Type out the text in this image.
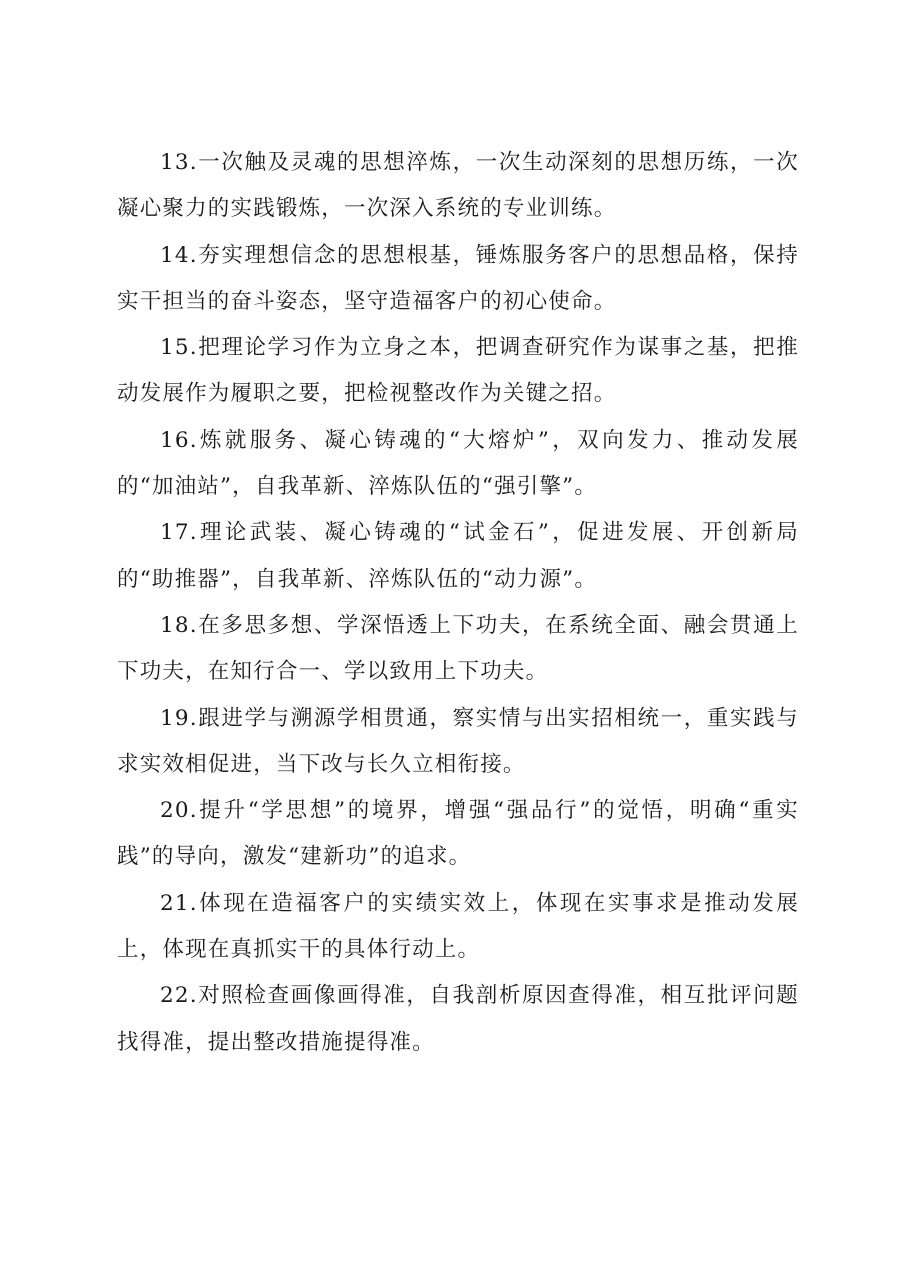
13.一次触及灵魂的思想淬炼，一次生动深刻的思想历练，一次凝心聚力的实践锻炼，一次深入系统的专业训练。

14.夯实理想信念的思想根基，锤炼服务客户的思想品格，保持实干担当的奋斗姿态，坚守造福客户的初心使命。

15.把理论学习作为立身之本，把调查研究作为谋事之基，把推动发展作为履职之要，把检视整改作为关键之招。

16.炼就服务、凝心铸魂的“大熔炉”，双向发力、推动发展的“加油站”，自我革新、淬炼队伍的“强引擎”。

17.理论武装、凝心铸魂的“试金石”，促进发展、开创新局的“助推器”，自我革新、淬炼队伍的“动力源”。

18.在多思多想、学深悟透上下功夫，在系统全面、融会贯通上下功夫，在知行合一、学以致用上下功夫。

19.跟进学与溯源学相贯通，察实情与出实招相统一，重实践与求实效相促进，当下改与长久立相衔接。

20.提升“学思想”的境界，增强“强品行”的觉悟，明确“重实践”的导向，激发“建新功”的追求。

21.体现在造福客户的实绩实效上，体现在实事求是推动发展上，体现在真抓实干的具体行动上。

22.对照检查画像画得准，自我剖析原因查得准，相互批评问题找得准，提出整改措施提得准。
